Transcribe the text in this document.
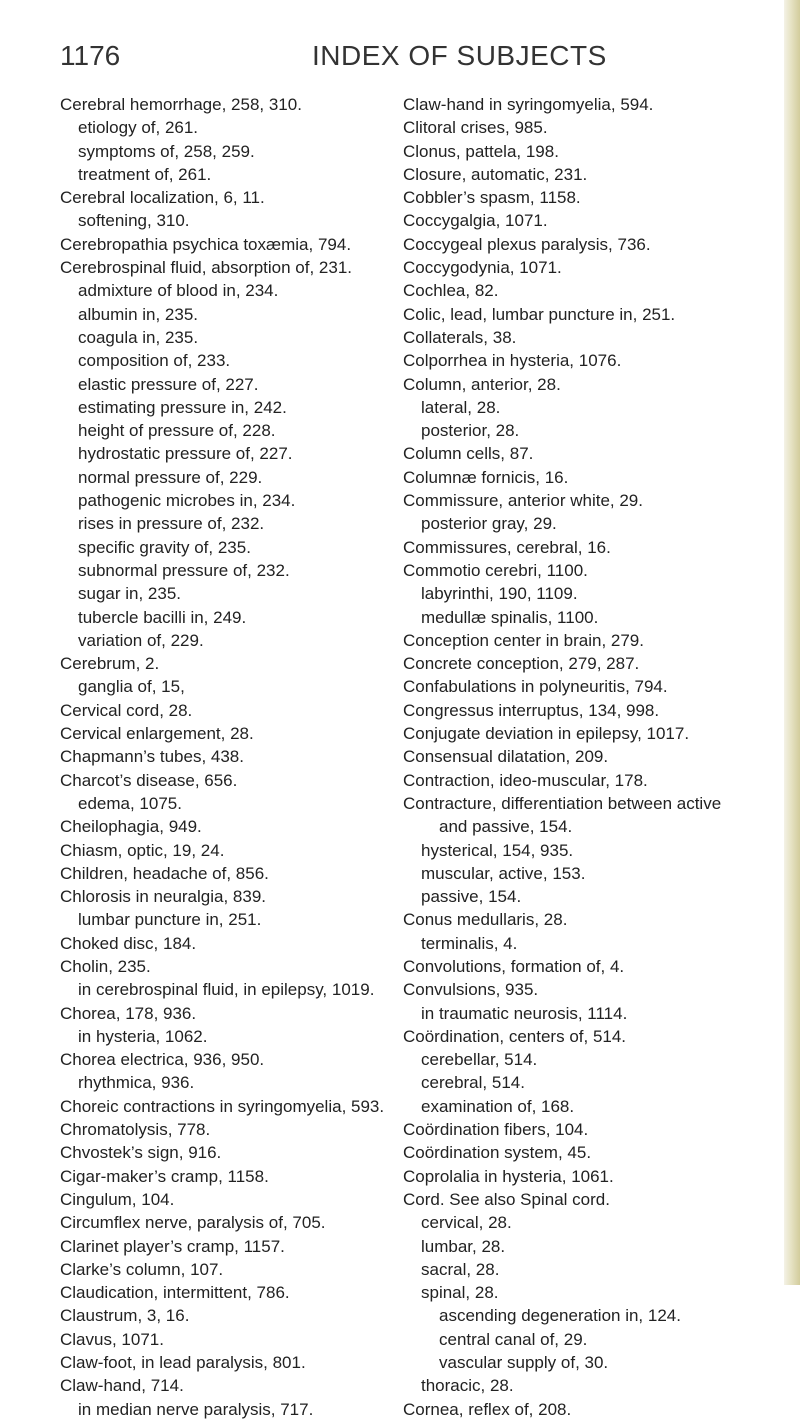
1176	INDEX OF SUBJECTS
Cerebral hemorrhage, 258, 310.
etiology of, 261.
symptoms of, 258, 259.
treatment of, 261.
Cerebral localization, 6, 11.
softening, 310.
Cerebropathia psychica toxæmia, 794.
Cerebrospinal fluid, absorption of, 231.
admixture of blood in, 234.
albumin in, 235.
coagula in, 235.
composition of, 233.
elastic pressure of, 227.
estimating pressure in, 242.
height of pressure of, 228.
hydrostatic pressure of, 227.
normal pressure of, 229.
pathogenic microbes in, 234.
rises in pressure of, 232.
specific gravity of, 235.
subnormal pressure of, 232.
sugar in, 235.
tubercle bacilli in, 249.
variation of, 229.
Cerebrum, 2.
ganglia of, 15,
Cervical cord, 28.
Cervical enlargement, 28.
Chapmann’s tubes, 438.
Charcot’s disease, 656.
edema, 1075.
Cheilophagia, 949.
Chiasm, optic, 19, 24.
Children, headache of, 856.
Chlorosis in neuralgia, 839.
lumbar puncture in, 251.
Choked disc, 184.
Cholin, 235.
in cerebrospinal fluid, in epilepsy, 1019.
Chorea, 178, 936.
in hysteria, 1062.
Chorea electrica, 936, 950.
rhythmica, 936.
Choreic contractions in syringomyelia, 593.
Chromatolysis, 778.
Chvostek’s sign, 916.
Cigar-maker’s cramp, 1158.
Cingulum, 104.
Circumflex nerve, paralysis of, 705.
Clarinet player’s cramp, 1157.
Clarke’s column, 107.
Claudication, intermittent, 786.
Claustrum, 3, 16.
Clavus, 1071.
Claw-foot, in lead paralysis, 801.
Claw-hand, 714.
in median nerve paralysis, 717.
Claw-hand in syringomyelia, 594.
Clitoral crises, 985.
Clonus, pattela, 198.
Closure, automatic, 231.
Cobbler’s spasm, 1158.
Coccygalgia, 1071.
Coccygeal plexus paralysis, 736.
Coccygodynia, 1071.
Cochlea, 82.
Colic, lead, lumbar puncture in, 251.
Collaterals, 38.
Colporrhea in hysteria, 1076.
Column, anterior, 28.
lateral, 28.
posterior, 28.
Column cells, 87.
Columnæ fornicis, 16.
Commissure, anterior white, 29.
posterior gray, 29.
Commissures, cerebral, 16.
Commotio cerebri, 1100.
labyrinthi, 190, 1109.
medullæ spinalis, 1100.
Conception center in brain, 279.
Concrete conception, 279, 287.
Confabulations in polyneuritis, 794.
Congressus interruptus, 134, 998.
Conjugate deviation in epilepsy, 1017.
Consensual dilatation, 209.
Contraction, ideo-muscular, 178.
Contracture, differentiation between active
and passive, 154.
hysterical, 154, 935.
muscular, active, 153.
passive, 154.
Conus medullaris, 28.
terminalis, 4.
Convolutions, formation of, 4.
Convulsions, 935.
in traumatic neurosis, 1114.
Coördination, centers of, 514.
cerebellar, 514.
cerebral, 514.
examination of, 168.
Coördination fibers, 104.
Coördination system, 45.
Coprolalia in hysteria, 1061.
Cord. See also Spinal cord.
cervical, 28.
lumbar, 28.
sacral, 28.
spinal, 28.
ascending degeneration in, 124.
central canal of, 29.
vascular supply of, 30.
thoracic, 28.
Cornea, reflex of, 208.
